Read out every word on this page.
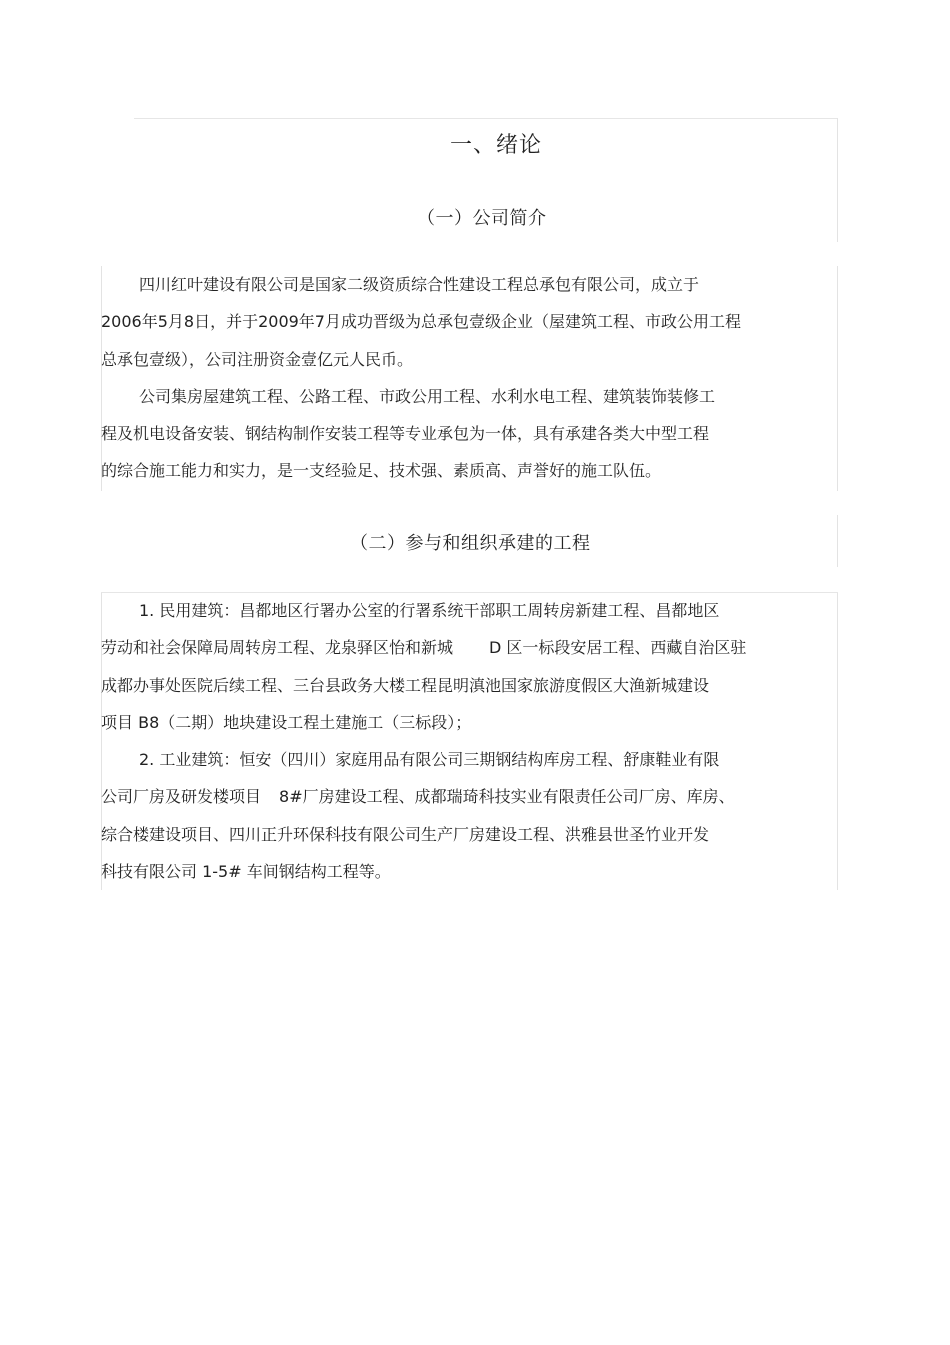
一、绪论
（一）公司简介
（二）参与和组织承建的工程
四川红叶建设有限公司是国家二级资质综合性建设工程总承包有限公司，成立于
2006年5月8日，并于2009年7月成功晋级为总承包壹级企业（屋建筑工程、市政公用工程
总承包壹级），公司注册资金壹亿元人民币。
公司集房屋建筑工程、公路工程、市政公用工程、水利水电工程、建筑装饰装修工
程及机电设备安装、钢结构制作安装工程等专业承包为一体，具有承建各类大中型工程
的综合施工能力和实力，是一支经验足、技术强、素质高、声誉好的施工队伍。
1. 民用建筑：昌都地区行署办公室的行署系统干部职工周转房新建工程、昌都地区
劳动和社会保障局周转房工程、龙泉驿区怡和新城 D 区一标段安居工程、西藏自治区驻
成都办事处医院后续工程、三台县政务大楼工程昆明滇池国家旅游度假区大渔新城建设
项目 B8（二期）地块建设工程土建施工（三标段）；
2. 工业建筑：恒安（四川）家庭用品有限公司三期钢结构库房工程、舒康鞋业有限
公司厂房及研发楼项目 8#厂房建设工程、成都瑞琦科技实业有限责任公司厂房、库房、
综合楼建设项目、四川正升环保科技有限公司生产厂房建设工程、洪雅县世圣竹业开发
科技有限公司 1-5# 车间钢结构工程等。
